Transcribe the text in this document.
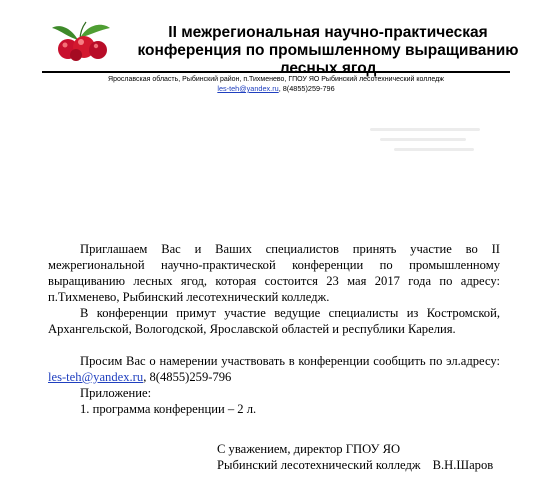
II межрегиональная научно-практическая
конференция по промышленному выращиванию
лесных ягод
Ярославская область, Рыбинский район, п.Тихменево, ГПОУ ЯО Рыбинский лесотехнический колледж
les-teh@yandex.ru, 8(4855)259-796

Приглашаем Вас и Ваших специалистов принять участие во II межрегиональной научно-практической конференции по промышленному выращиванию лесных ягод, которая состоится 23 мая 2017 года по адресу: п.Тихменево, Рыбинский лесотехнический колледж.

В конференции примут участие ведущие специалисты из Костромской, Архангельской, Вологодской, Ярославской областей и республики Карелия.

Просим Вас о намерении участвовать в конференции сообщить по эл.адресу:

les-teh@yandex.ru, 8(4855)259-796

Приложение:

1. программа конференции – 2 л.

С уважением, директор ГПОУ ЯО
Рыбинский лесотехнический колледж В.Н.Шаров
